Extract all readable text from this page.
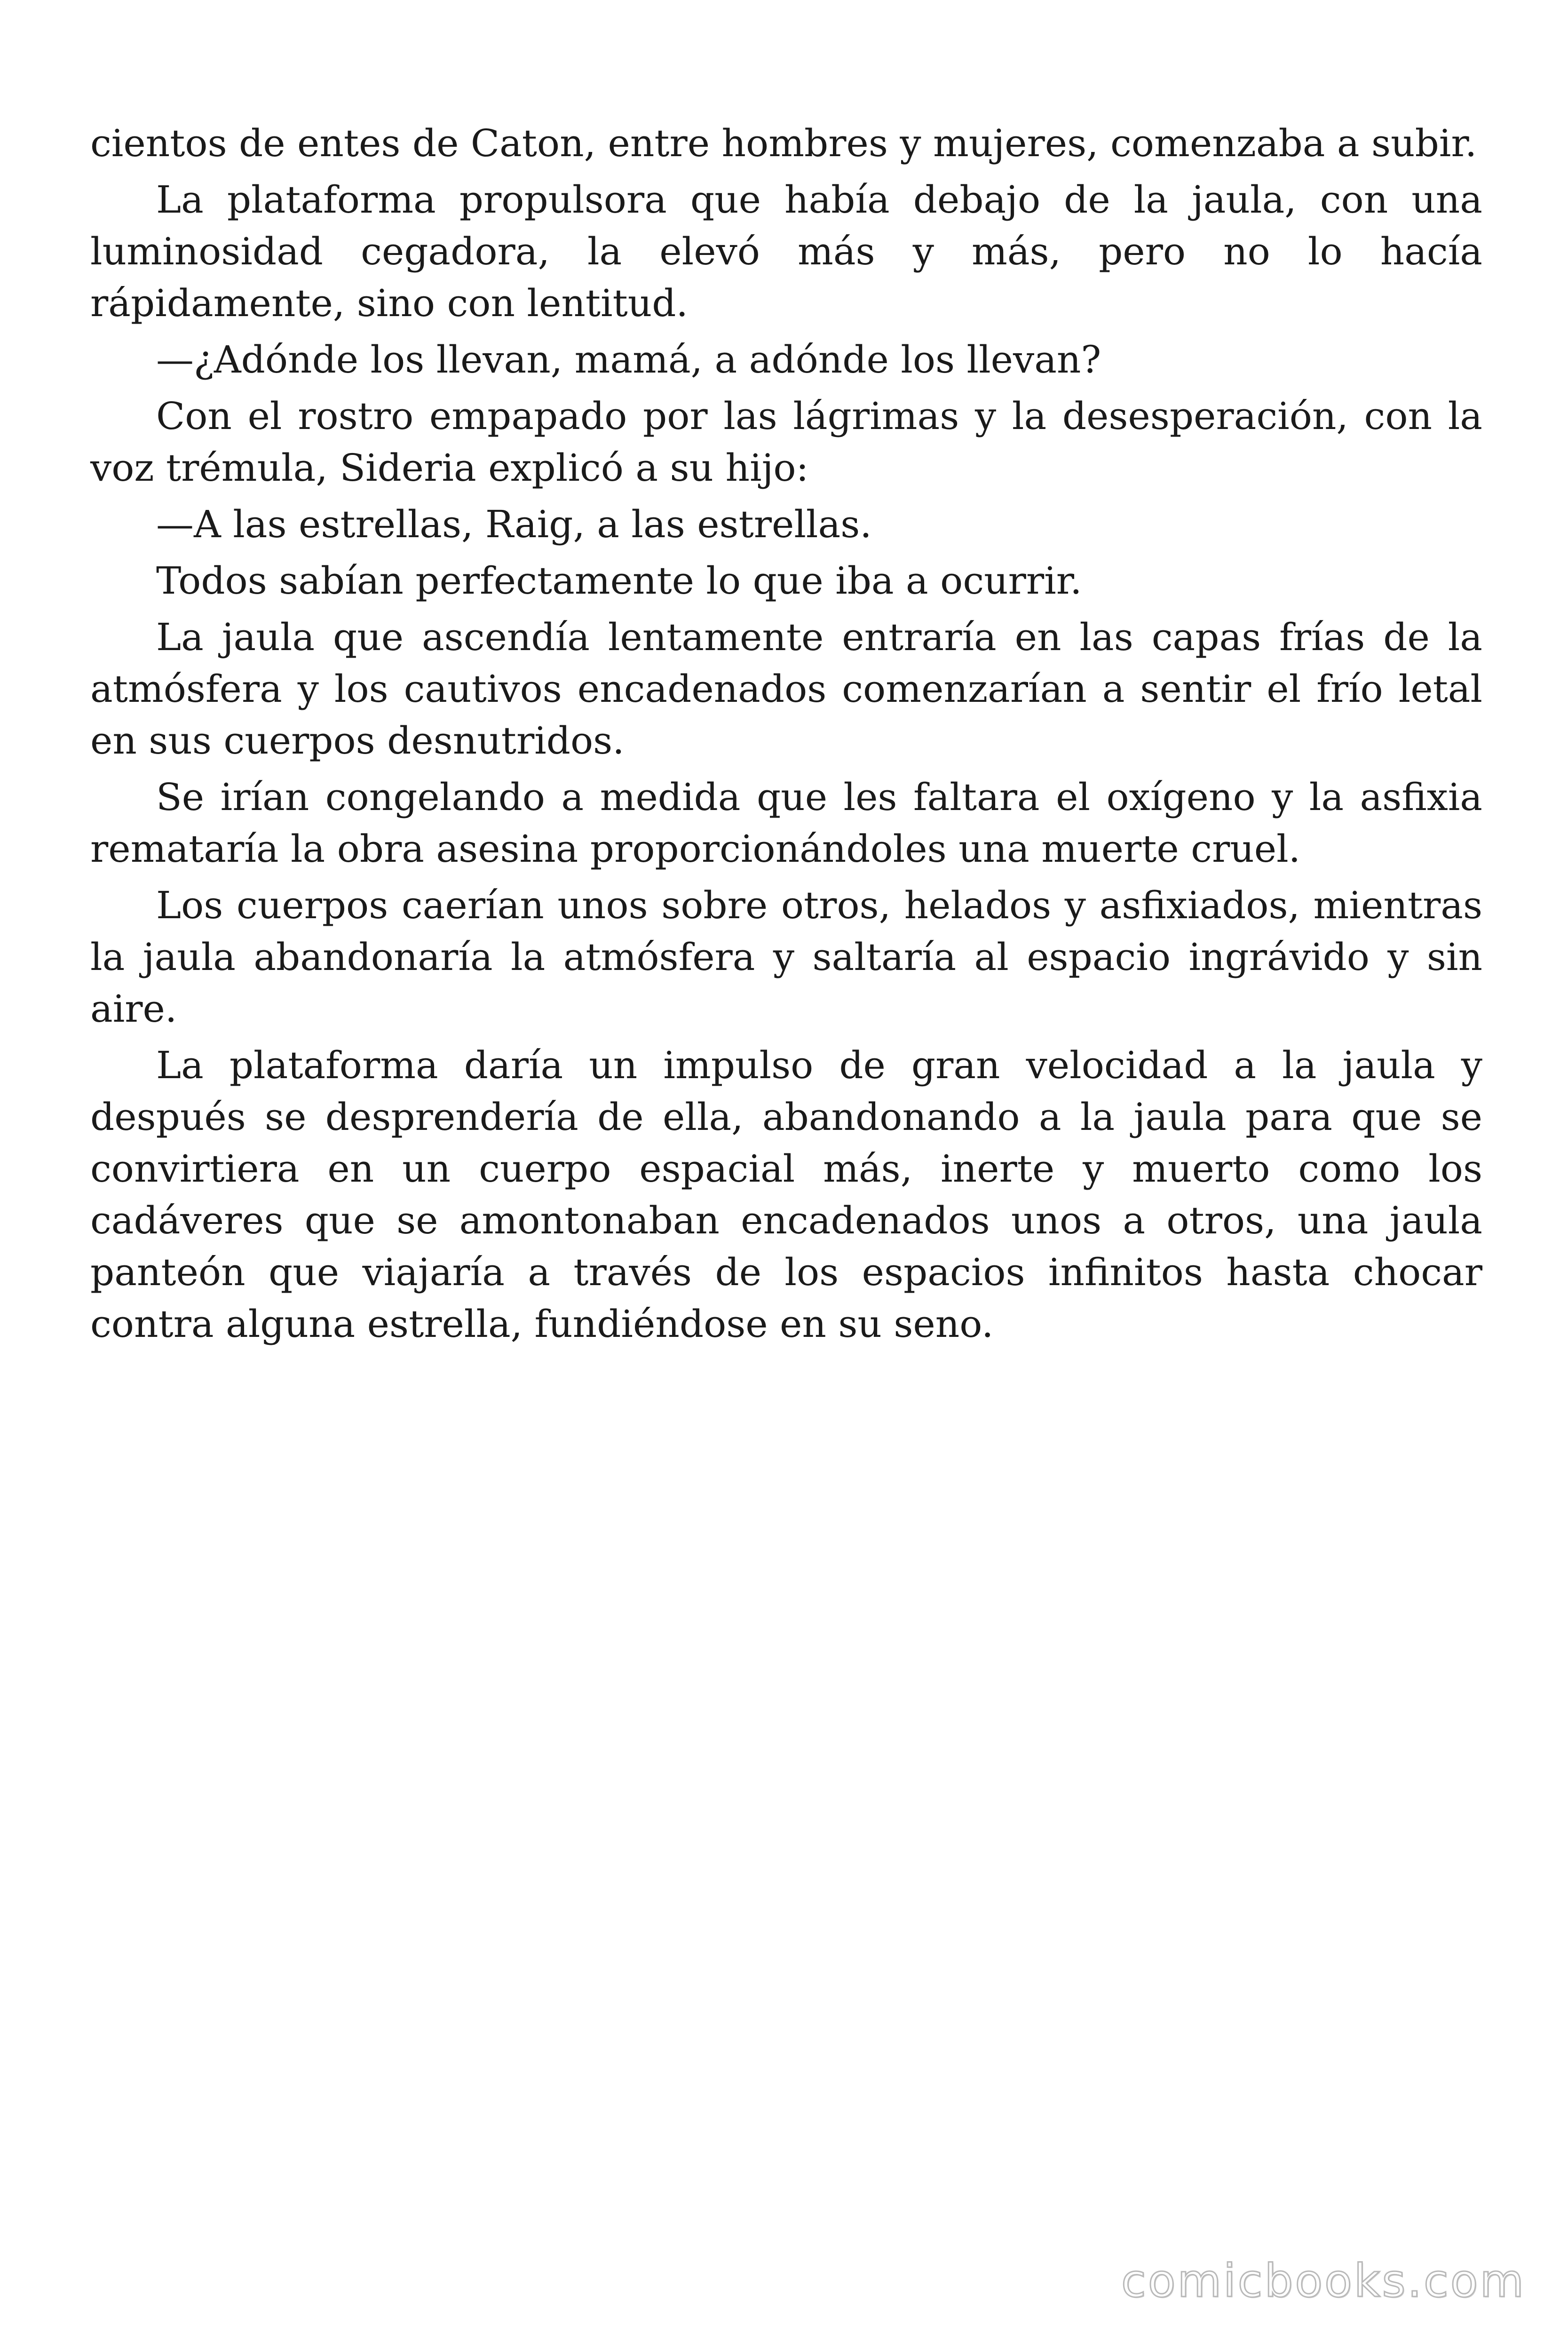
cientos de entes de Caton, entre hombres y mujeres, comenzaba a subir.

La plataforma propulsora que había debajo de la jaula, con una luminosidad cegadora, la elevó más y más, pero no lo hacía rápidamente, sino con lentitud.

—¿Adónde los llevan, mamá, a adónde los llevan?

Con el rostro empapado por las lágrimas y la desesperación, con la voz trémula, Sideria explicó a su hijo:

—A las estrellas, Raig, a las estrellas.

Todos sabían perfectamente lo que iba a ocurrir.

La jaula que ascendía lentamente entraría en las capas frías de la atmósfera y los cautivos encadenados comenzarían a sentir el frío letal en sus cuerpos desnutridos.

Se irían congelando a medida que les faltara el oxígeno y la asfixia remataría la obra asesina proporcionándoles una muerte cruel.

Los cuerpos caerían unos sobre otros, helados y asfixiados, mientras la jaula abandonaría la atmósfera y saltaría al espacio ingrávido y sin aire.

La plataforma daría un impulso de gran velocidad a la jaula y después se desprendería de ella, abandonando a la jaula para que se convirtiera en un cuerpo espacial más, inerte y muerto como los cadáveres que se amontonaban encadenados unos a otros, una jaula panteón que viajaría a través de los espacios infinitos hasta chocar contra alguna estrella, fundiéndose en su seno.

comicbooks.com
